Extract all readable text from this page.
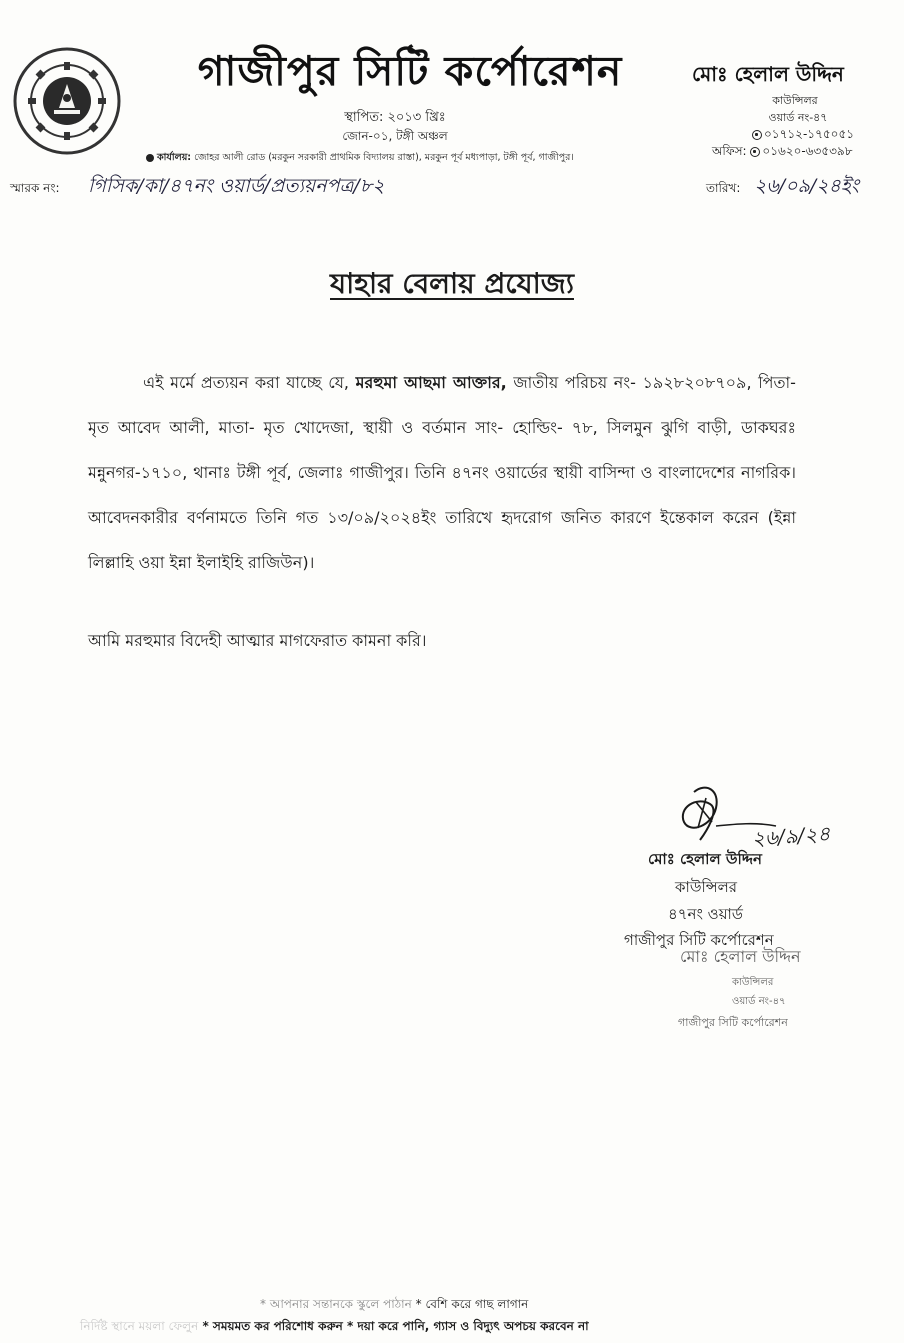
গাজীপুর সিটি কর্পোরেশন
স্থাপিত: ২০১৩ খ্রিঃ
জোন-০১, টঙ্গী অঞ্চল
কার্যালয়: জোহর আলী রোড (মরকুন সরকারী প্রাথমিক বিদ্যালয় রাস্তা), মরকুন পূর্ব মধ্যপাড়া, টঙ্গী পূর্ব, গাজীপুর।
মোঃ হেলাল উদ্দিন
কাউন্সিলর
ওয়ার্ড নং-৪৭
০১৭১২-১৭৫০৫১
অফিস: ০১৬২০-৬৩৫৩৯৮
স্মারক নং: গিসিক/কা/৪৭নং ওয়ার্ড/প্রত্যয়নপত্র/৮২	তারিখ: ২৬/০৯/২৪ইং
যাহার বেলায় প্রযোজ্য
এই মর্মে প্রত্যয়ন করা যাচ্ছে যে, মরহুমা আছমা আক্তার, জাতীয় পরিচয় নং- ১৯২৮২০৮৭০৯, পিতা- মৃত আবেদ আলী, মাতা- মৃত খোদেজা, স্থায়ী ও বর্তমান সাং- হোল্ডিং- ৭৮, সিলমুন ঝুগি বাড়ী, ডাকঘরঃ মন্নুনগর-১৭১০, থানাঃ টঙ্গী পূর্ব, জেলাঃ গাজীপুর। তিনি ৪৭নং ওয়ার্ডের স্থায়ী বাসিন্দা ও বাংলাদেশের নাগরিক। আবেদনকারীর বর্ণনামতে তিনি গত ১৩/০৯/২০২৪ইং তারিখে হৃদরোগ জনিত কারণে ইন্তেকাল করেন (ইন্না লিল্লাহি ওয়া ইন্না ইলাইহি রাজিউন)।
আমি মরহুমার বিদেহী আত্মার মাগফেরাত কামনা করি।
২৬/৯/২৪
মোঃ হেলাল উদ্দিন
কাউন্সিলর
৪৭নং ওয়ার্ড
গাজীপুর সিটি কর্পোরেশন
মোঃ হেলাল উদ্দিন
কাউন্সিলর
ওয়ার্ড নং-৪৭
গাজীপুর সিটি কর্পোরেশন
* আপনার সন্তানকে স্কুলে পাঠান * বেশি করে গাছ লাগান
নির্দিষ্ট স্থানে ময়লা ফেলুন * সময়মত কর পরিশোধ করুন * দয়া করে পানি, গ্যাস ও বিদ্যুৎ অপচয় করবেন না
